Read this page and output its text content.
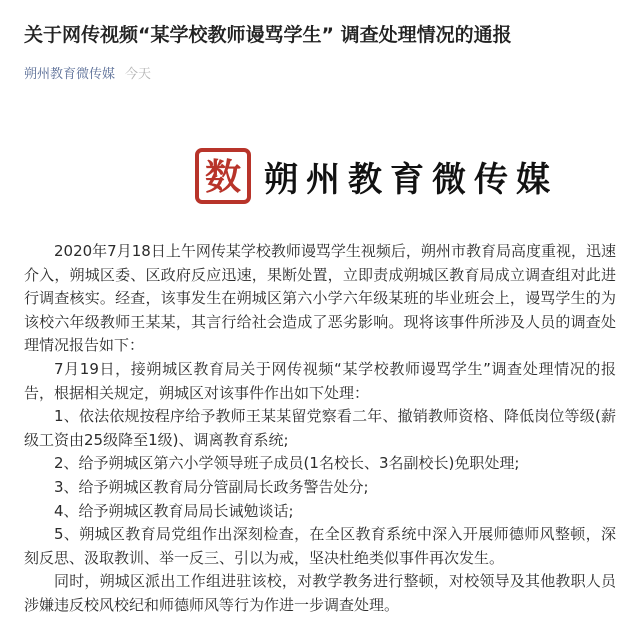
关于网传视频“某学校教师谩骂学生” 调查处理情况的通报
朔州教育微传媒 今天
数 朔州教育微传媒

2020年7月18日上午网传某学校教师谩骂学生视频后，朔州市教育局高度重视，迅速介入，朔城区委、区政府反应迅速，果断处置，立即责成朔城区教育局成立调查组对此进行调查核实。经查，该事发生在朔城区第六小学六年级某班的毕业班会上，谩骂学生的为该校六年级教师王某某，其言行给社会造成了恶劣影响。现将该事件所涉及人员的调查处理情况报告如下：

7月19日，接朔城区教育局关于网传视频“某学校教师谩骂学生”调查处理情况的报告，根据相关规定，朔城区对该事件作出如下处理：

1、依法依规按程序给予教师王某某留党察看二年、撤销教师资格、降低岗位等级(薪级工资由25级降至1级)、调离教育系统;

2、给予朔城区第六小学领导班子成员(1名校长、3名副校长)免职处理;

3、给予朔城区教育局分管副局长政务警告处分;

4、给予朔城区教育局局长诫勉谈话;

5、朔城区教育局党组作出深刻检查，在全区教育系统中深入开展师德师风整顿，深刻反思、汲取教训、举一反三、引以为戒，坚决杜绝类似事件再次发生。

同时，朔城区派出工作组进驻该校，对教学教务进行整顿，对校领导及其他教职人员涉嫌违反校风校纪和师德师风等行为作进一步调查处理。
